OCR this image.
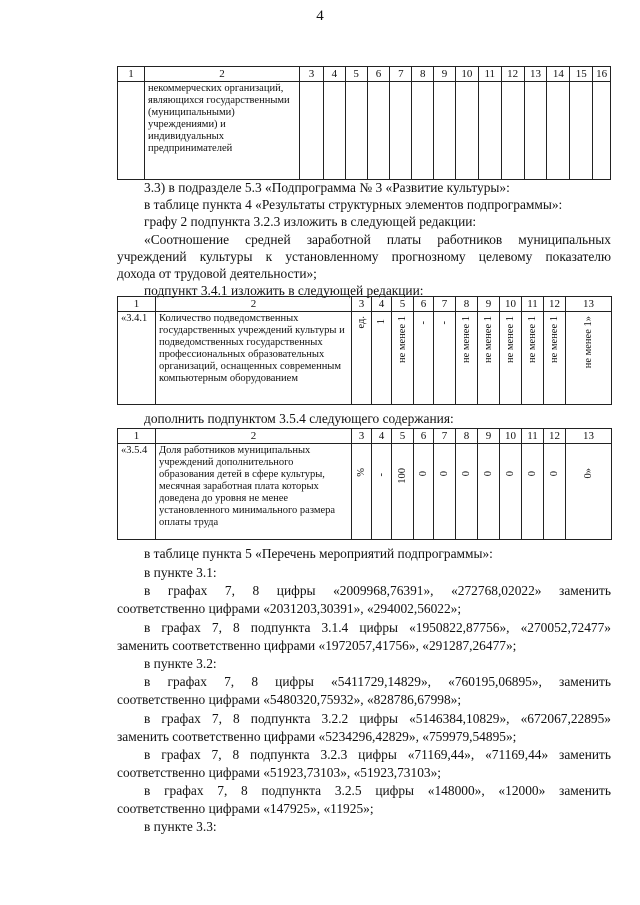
4
1	2	3	4	5	6	7	8	9	10	11	12	13	14	15	16
	некоммерческих организаций, являющихся государственными (муниципальными) учреждениями) и индивидуальных предпринимателей														

3.3) в подразделе 5.3 «Подпрограмма № 3 «Развитие культуры»:

в таблице пункта 4 «Результаты структурных элементов подпрограммы»:

графу 2 подпункта 3.2.3 изложить в следующей редакции:

«Соотношение средней заработной платы работников муниципальных

учреждений культуры к установленному прогнозному целевому показателю

дохода от трудовой деятельности»;

подпункт 3.4.1 изложить в следующей редакции:

1	2	3	4	5	6	7	8	9	10	11	12	13
«3.4.1	Количество подведомственных государственных учреждений культуры и подведомственных государственных профессиональных образовательных организаций, оснащенных современным компьютерным оборудованием	ед.	1	не менее 1	-	-	не менее 1	не менее 1	не менее 1	не менее 1	не менее 1	не менее 1»

дополнить подпунктом 3.5.4 следующего содержания:

1	2	3	4	5	6	7	8	9	10	11	12	13
«3.5.4	Доля работников муниципальных учреждений дополнительного образования детей в сфере культуры, месячная заработная плата которых доведена до уровня не менее установленного минимального размера оплаты труда	%	-	100	0	0	0	0	0	0	0	0»

в таблице пункта 5 «Перечень мероприятий подпрограммы»:

в пункте 3.1:

в графах 7, 8 цифры «2009968,76391», «272768,02022» заменить

соответственно цифрами «2031203,30391», «294002,56022»;

в графах 7, 8 подпункта 3.1.4 цифры «1950822,87756», «270052,72477»

заменить соответственно цифрами «1972057,41756», «291287,26477»;

в пункте 3.2:

в графах 7, 8 цифры «5411729,14829», «760195,06895», заменить

соответственно цифрами «5480320,75932», «828786,67998»;

в графах 7, 8 подпункта 3.2.2 цифры «5146384,10829», «672067,22895»

заменить соответственно цифрами «5234296,42829», «759979,54895»;

в графах 7, 8 подпункта 3.2.3 цифры «71169,44», «71169,44» заменить

соответственно цифрами «51923,73103», «51923,73103»;

в графах 7, 8 подпункта 3.2.5 цифры «148000», «12000» заменить

соответственно цифрами «147925», «11925»;

в пункте 3.3:
